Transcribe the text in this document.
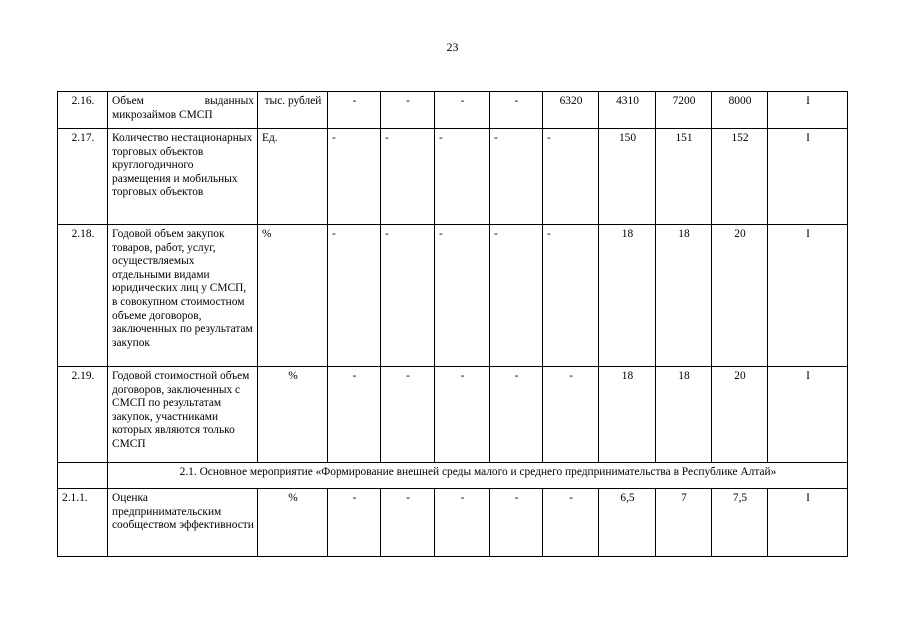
23
2.16.	Объем выданных микрозаймов СМСП	тыс. рублей	-	-	-	-	6320	4310	7200	8000	I
2.17.	Количество нестационарных торговых объектов круглогодичного размещения и мобильных торговых объектов	Ед.	-	-	-	-	-	150	151	152	I
2.18.	Годовой объем закупок товаров, работ, услуг, осуществляемых отдельными видами юридических лиц у СМСП, в совокупном стоимостном объеме договоров, заключенных по результатам закупок	%	-	-	-	-	-	18	18	20	I
2.19.	Годовой стоимостной объем договоров, заключенных с СМСП по результатам закупок, участниками которых являются только СМСП	%	-	-	-	-	-	18	18	20	I
	2.1. Основное мероприятие «Формирование внешней среды малого и среднего предпринимательства в Республике Алтай»										
2.1.1.	Оценка предпринимательским сообществом эффективности	%	-	-	-	-	-	6,5	7	7,5	I
